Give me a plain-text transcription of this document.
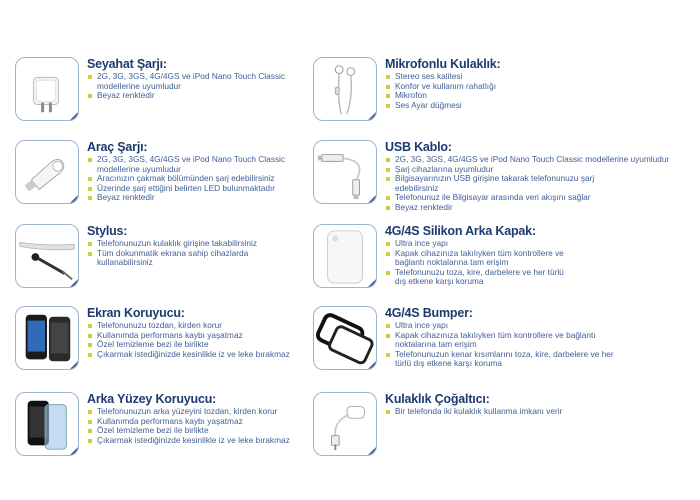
Seyahat Şarjı:
2G, 3G, 3GS, 4G/4GS ve iPod Nano Touch Classic modellerine uyumludur
Beyaz renktedir
Araç Şarjı:
2G, 3G, 3GS, 4G/4GS ve iPod Nano Touch Classic modellerine uyumludur
Aracınızın çakmak bölümünden şarj edebilirsiniz
Üzerinde şarj ettiğini belirten LED bulunmaktadır
Beyaz renktedir
Stylus:
Telefonunuzun kulaklık girişine takabilirsiniz
Tüm dokunmatik ekrana sahip cihazlarda kullanabilirsiniz
Ekran Koruyucu:
Telefonunuzu tozdan, kirden korur
Kullanımda performans kaybı yaşatmaz
Özel temizleme bezi ile birlikte
Çıkarmak istediğinizde kesinlikle iz ve leke bırakmaz
Arka Yüzey Koruyucu:
Telefonunuzun arka yüzeyini tozdan, kirden korur
Kullanımda performans kaybı yaşatmaz
Özel temizleme bezi ile birlikte
Çıkarmak istediğinizde kesinlikle iz ve leke bırakmaz
Mikrofonlu Kulaklık:
Stereo ses kalitesi
Konfor ve kullanım rahatlığı
Mikrofon
Ses Ayar düğmesi
USB Kablo:
2G, 3G, 3GS, 4G/4GS ve iPod Nano Touch Classic modellerine uyumludur
Şarj cihazlarına uyumludur
Bilgisayarınızın USB girişine takarak telefonunuzu şarj edebilirsiniz
Telefonunuz ile Bilgisayar arasında veri akışını sağlar
Beyaz renktedir
4G/4S Silikon Arka Kapak:
Ultra ince yapı
Kapak cihazınıza takılıyken tüm kontrollere ve bağlantı noktalarına tam erişim
Telefonunuzu toza, kire, darbelere ve her türlü dış etkene karşı koruma
4G/4S Bumper:
Ultra ince yapı
Kapak cihazınıza takılıyken tüm kontrollere ve bağlantı noktalarına tam erişim
Telefonunuzun kenar kısımlarını toza, kire, darbelere ve her türlü dış etkene karşı koruma
Kulaklık Çoğaltıcı:
Bir telefonda iki kulaklık kullanma imkanı verir
